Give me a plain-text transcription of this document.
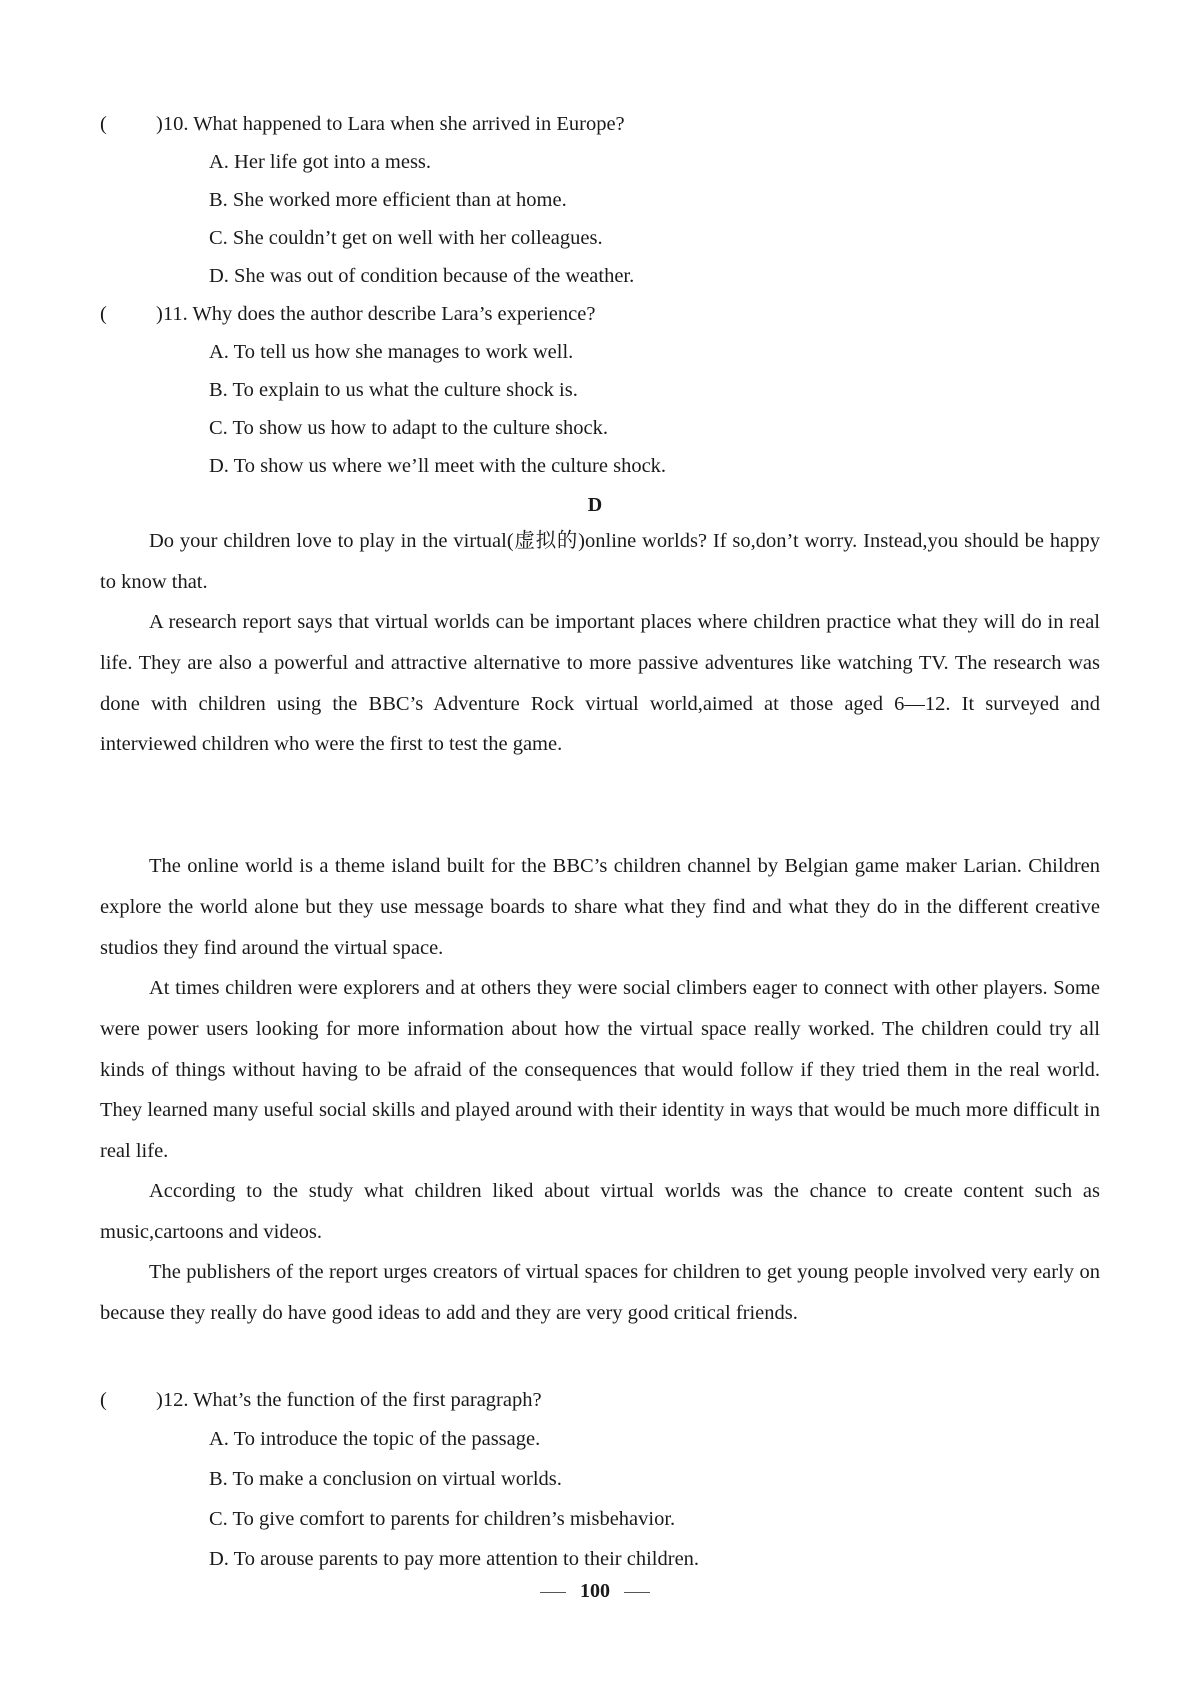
( )10. What happened to Lara when she arrived in Europe?
A. Her life got into a mess.
B. She worked more efficient than at home.
C. She couldn’t get on well with her colleagues.
D. She was out of condition because of the weather.
( )11. Why does the author describe Lara’s experience?
A. To tell us how she manages to work well.
B. To explain to us what the culture shock is.
C. To show us how to adapt to the culture shock.
D. To show us where we’ll meet with the culture shock.
D

Do your children love to play in the virtual(虚拟的)online worlds? If so,don’t worry. Instead,you should be happy to know that.

A research report says that virtual worlds can be important places where children practice what they will do in real life. They are also a powerful and attractive alternative to more passive adventures like watching TV. The research was done with children using the BBC’s Adventure Rock virtual world,aimed at those aged 6—12. It surveyed and interviewed children who were the first to test the game.

The online world is a theme island built for the BBC’s children channel by Belgian game maker Larian. Children explore the world alone but they use message boards to share what they find and what they do in the different creative studios they find around the virtual space.

At times children were explorers and at others they were social climbers eager to connect with other players. Some were power users looking for more information about how the virtual space really worked. The children could try all kinds of things without having to be afraid of the consequences that would follow if they tried them in the real world. They learned many useful social skills and played around with their identity in ways that would be much more difficult in real life.

According to the study what children liked about virtual worlds was the chance to create content such as music,cartoons and videos.

The publishers of the report urges creators of virtual spaces for children to get young people involved very early on because they really do have good ideas to add and they are very good critical friends.

( )12. What’s the function of the first paragraph?
A. To introduce the topic of the passage.
B. To make a conclusion on virtual worlds.
C. To give comfort to parents for children’s misbehavior.
D. To arouse parents to pay more attention to their children.
100
